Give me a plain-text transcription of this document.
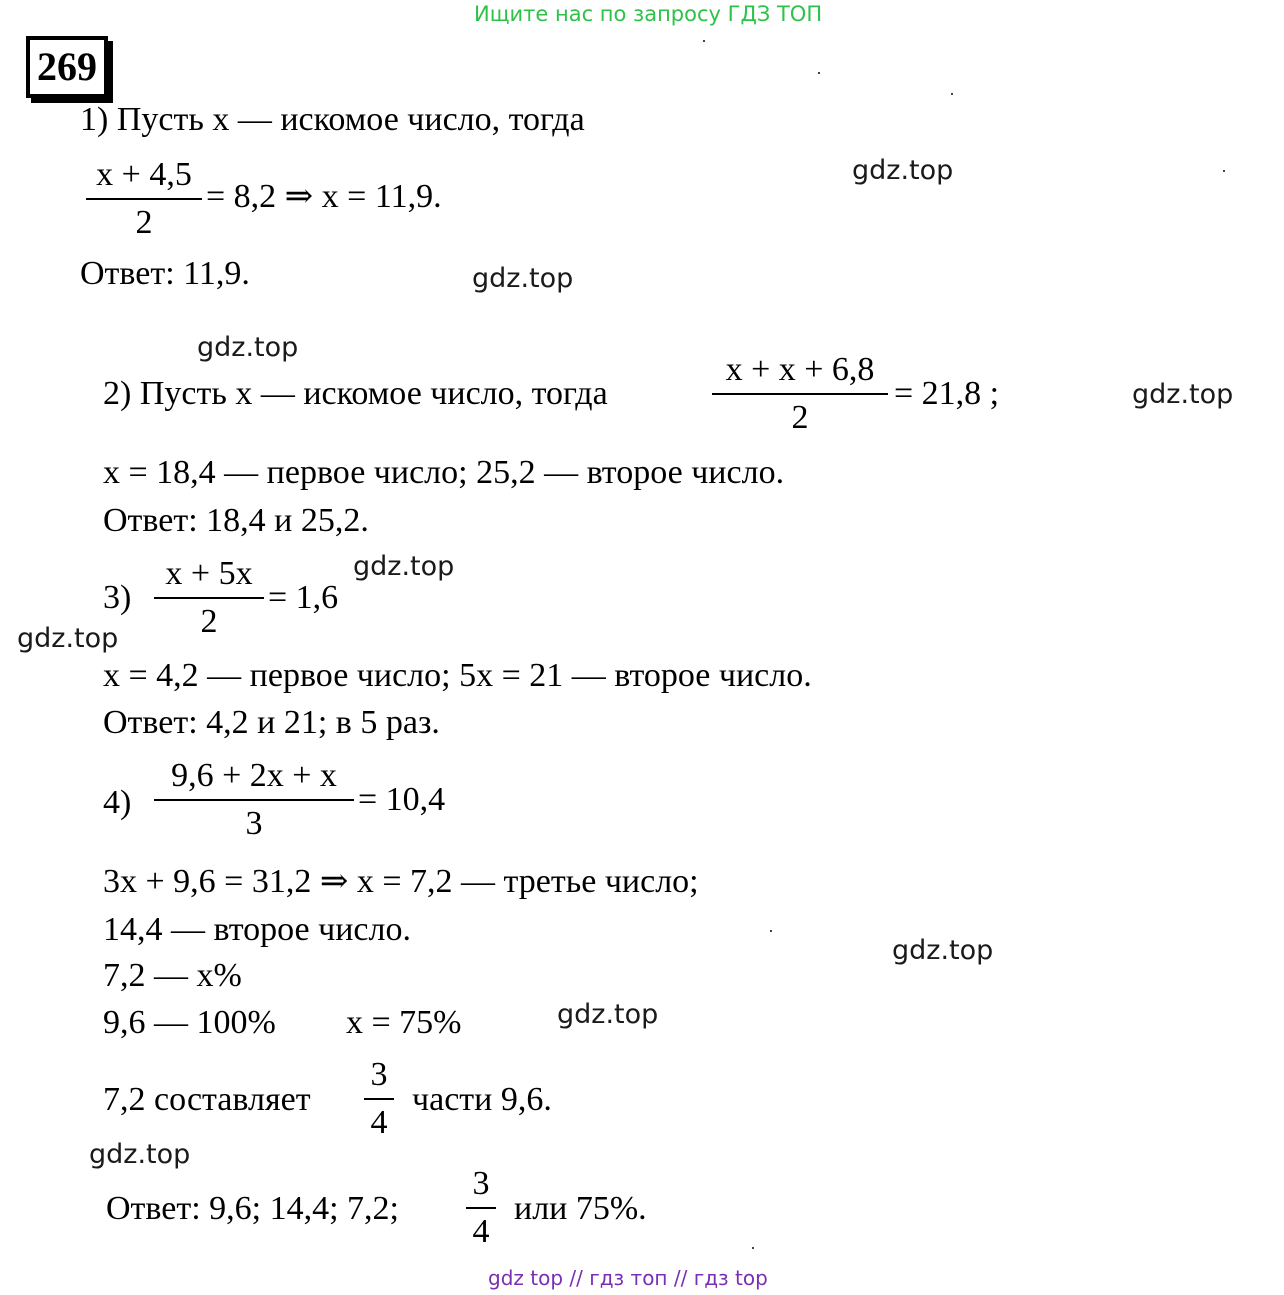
Ищите нас по запросу ГДЗ ТОП
269
1) Пусть x — искомое число, тогда
x + 4,5
2
= 8,2 ⇒ x = 11,9.
Ответ: 11,9.
2) Пусть x — искомое число, тогда
x + x + 6,8
2
= 21,8 ;
x = 18,4 — первое число; 25,2 — второе число.
Ответ: 18,4 и 25,2.
3)
x + 5x
2
= 1,6
x = 4,2 — первое число; 5x = 21 — второе число.
Ответ: 4,2 и 21; в 5 раз.
4)
9,6 + 2x + x
3
= 10,4
3x + 9,6 = 31,2 ⇒ x = 7,2 — третье число;
14,4 — второе число.
7,2 — x%
9,6 — 100% x = 75%
7,2 составляет
3
4
части 9,6.
Ответ: 9,6; 14,4; 7,2;
3
4
или 75%.
gdz.top
gdz.top
gdz.top
gdz.top
gdz.top
gdz.top
gdz.top
gdz.top
gdz.top
gdz top // гдз топ // гдз top
